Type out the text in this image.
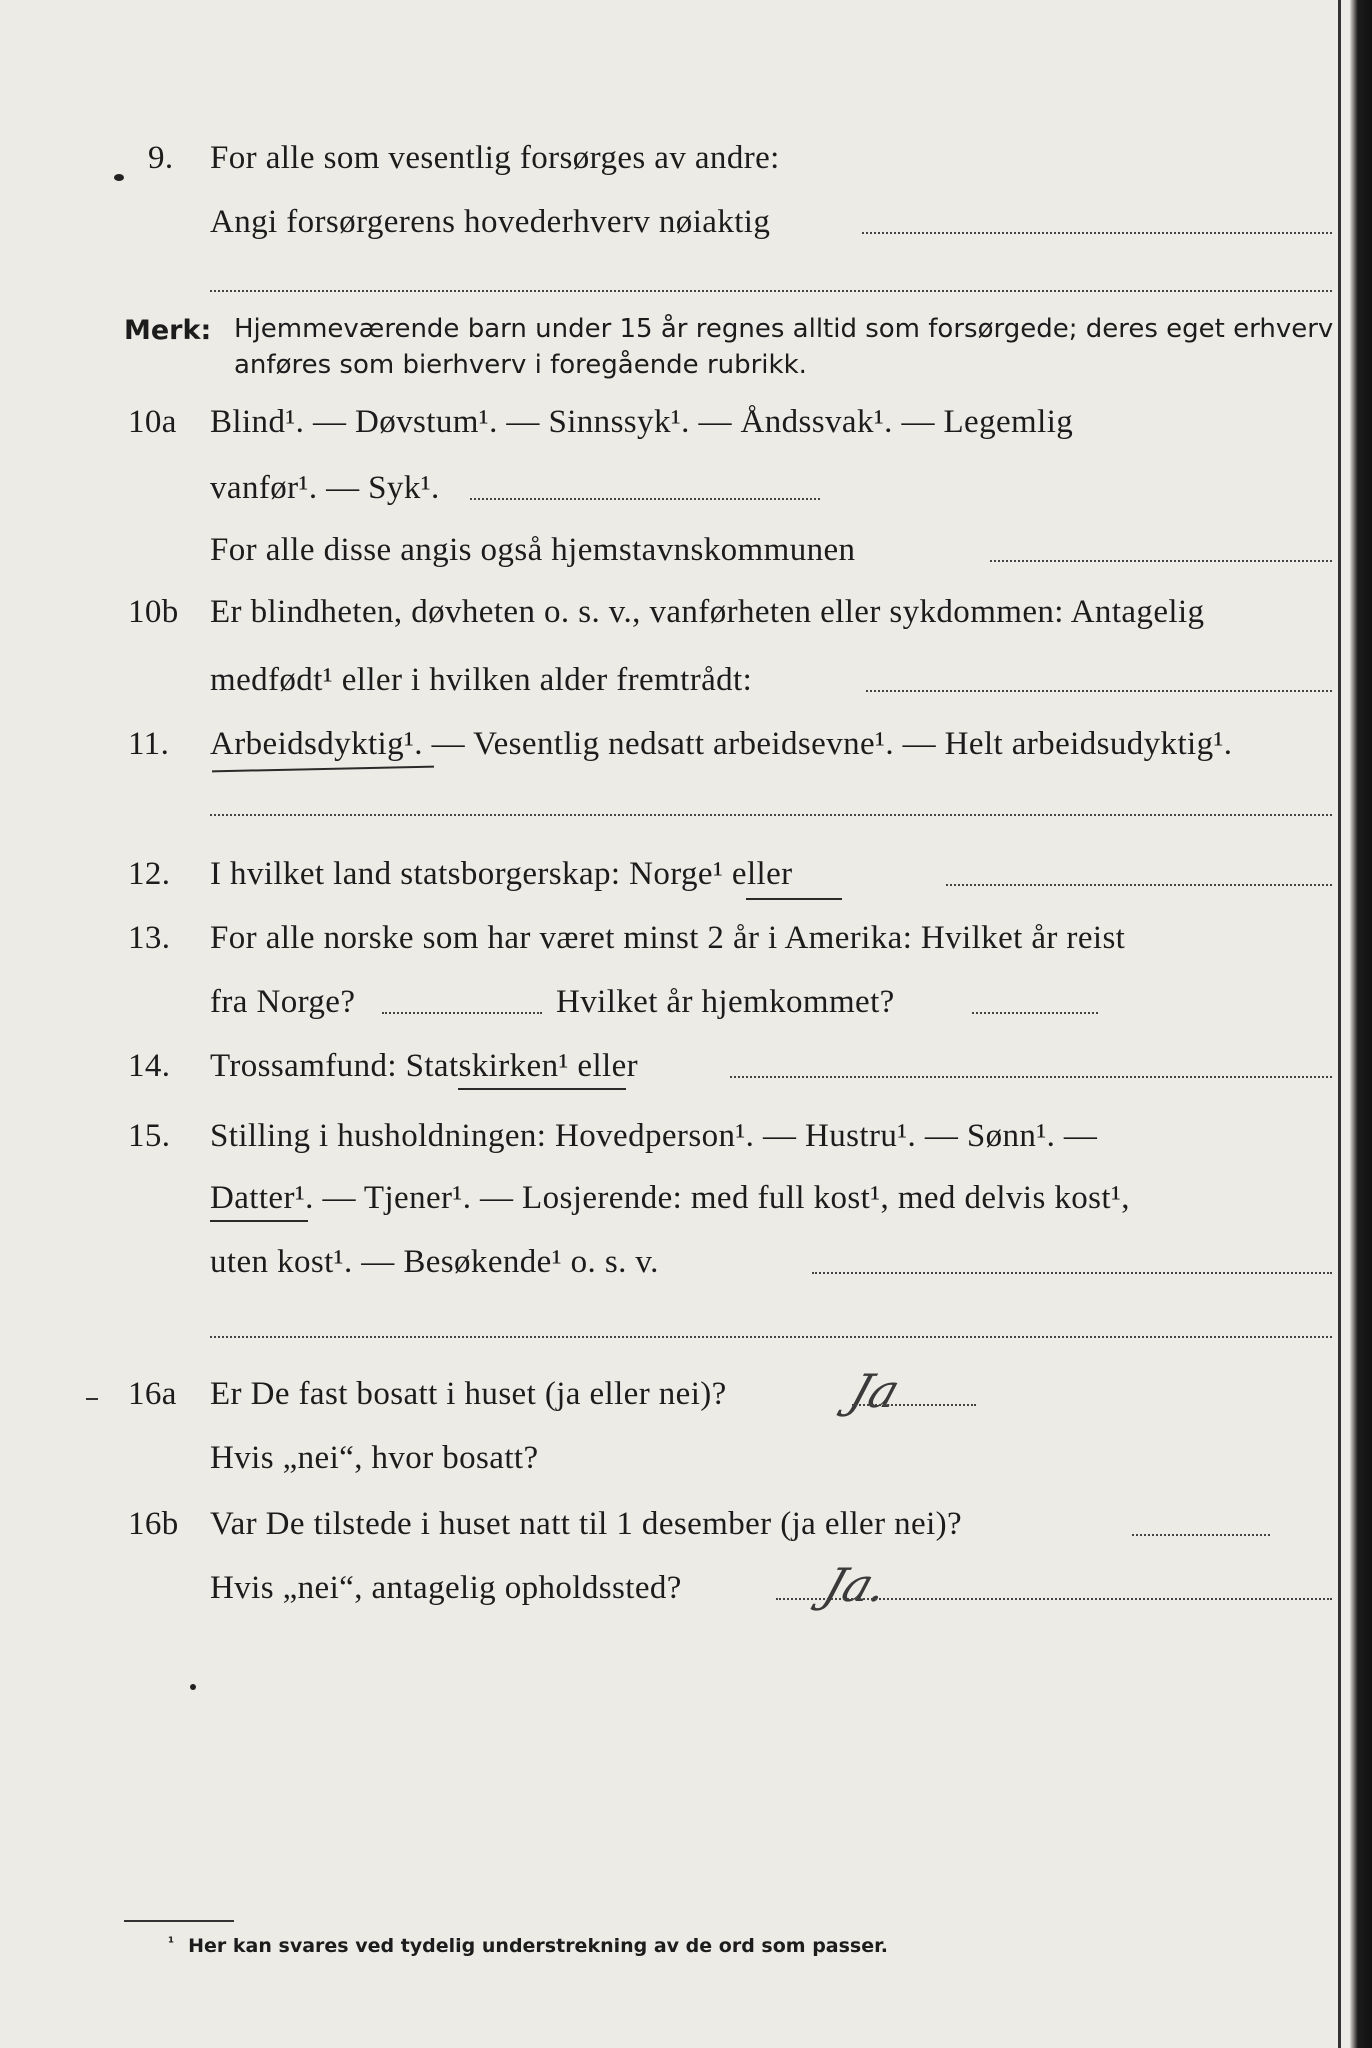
9. For alle som vesentlig forsørges av andre:
Angi forsørgerens hovederhverv nøiaktig
Merk: Hjemmeværende barn under 15 år regnes alltid som forsørgede; deres eget erhverv
anføres som bierhverv i foregående rubrikk.
10a Blind¹. — Døvstum¹. — Sinnssyk¹. — Åndssvak¹. — Legemlig
vanfør¹. — Syk¹.
For alle disse angis også hjemstavnskommunen
10b Er blindheten, døvheten o. s. v., vanførheten eller sykdommen: Antagelig
medfødt¹ eller i hvilken alder fremtrådt:
11. Arbeidsdyktig¹. — Vesentlig nedsatt arbeidsevne¹. — Helt arbeidsudyktig¹.
12. I hvilket land statsborgerskap: Norge¹ eller
13. For alle norske som har været minst 2 år i Amerika: Hvilket år reist
fra Norge?	Hvilket år hjemkommet?
14. Trossamfund: Statskirken¹ eller
15. Stilling i husholdningen: Hovedperson¹. — Hustru¹. — Sønn¹. —
Datter¹. — Tjener¹. — Losjerende: med full kost¹, med delvis kost¹,
uten kost¹. — Besøkende¹ o. s. v.
16a Er De fast bosatt i huset (ja eller nei)?	Ja
Hvis „nei“, hvor bosatt?
16b Var De tilstede i huset natt til 1 desember (ja eller nei)?
Hvis „nei“, antagelig opholdssted?	Ja.
$^{^1}$ Her kan svares ved tydelig understrekning av de ord som passer.
